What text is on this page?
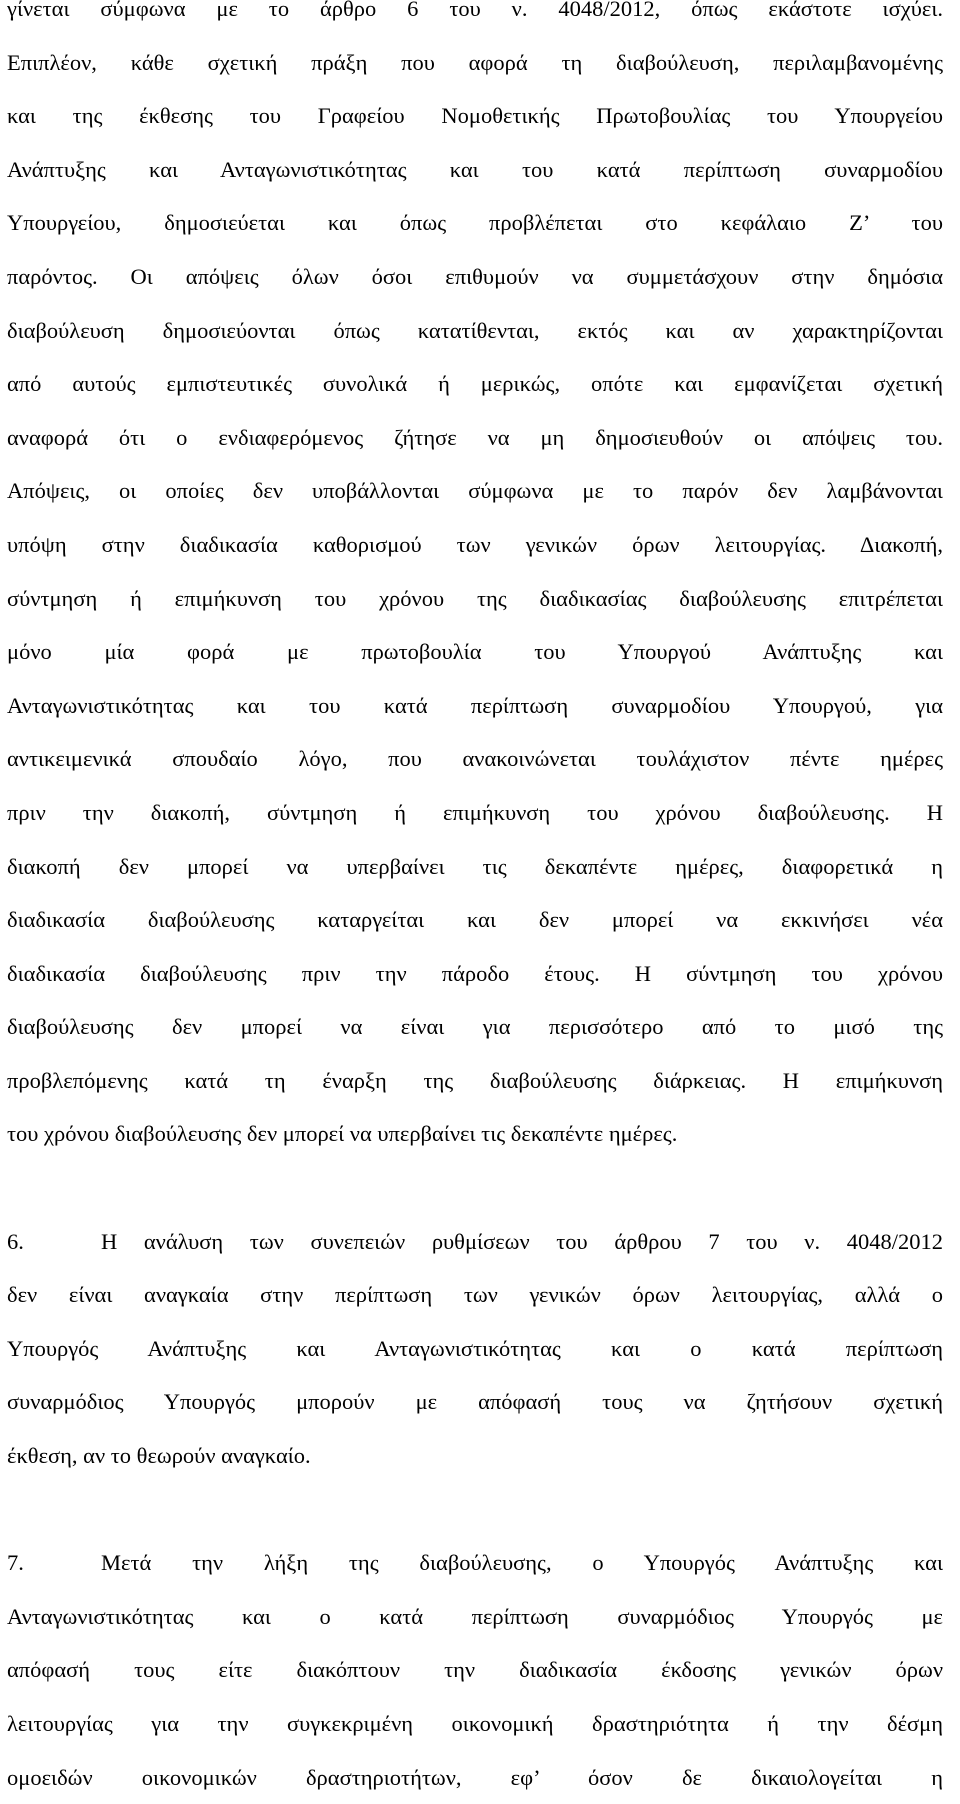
γίνεται σύμφωνα με το άρθρο 6 του ν. 4048/2012, όπως εκάστοτε ισχύει.
Επιπλέον, κάθε σχετική πράξη που αφορά τη διαβούλευση, περιλαμβανομένης
και της έκθεσης του Γραφείου Νομοθετικής Πρωτοβουλίας του Υπουργείου
Ανάπτυξης και Ανταγωνιστικότητας και του κατά περίπτωση συναρμοδίου
Υπουργείου, δημοσιεύεται και όπως προβλέπεται στο κεφάλαιο Ζ’ του
παρόντος. Οι απόψεις όλων όσοι επιθυμούν να συμμετάσχουν στην δημόσια
διαβούλευση δημοσιεύονται όπως κατατίθενται, εκτός και αν χαρακτηρίζονται
από αυτούς εμπιστευτικές συνολικά ή μερικώς, οπότε και εμφανίζεται σχετική
αναφορά ότι ο ενδιαφερόμενος ζήτησε να μη δημοσιευθούν οι απόψεις του.
Απόψεις, οι οποίες δεν υποβάλλονται σύμφωνα με το παρόν δεν λαμβάνονται
υπόψη στην διαδικασία καθορισμού των γενικών όρων λειτουργίας. Διακοπή,
σύντμηση ή επιμήκυνση του χρόνου της διαδικασίας διαβούλευσης επιτρέπεται
μόνο μία φορά με πρωτοβουλία του Υπουργού Ανάπτυξης και
Ανταγωνιστικότητας και του κατά περίπτωση συναρμοδίου Υπουργού, για
αντικειμενικά σπουδαίο λόγο, που ανακοινώνεται τουλάχιστον πέντε ημέρες
πριν την διακοπή, σύντμηση ή επιμήκυνση του χρόνου διαβούλευσης. Η
διακοπή δεν μπορεί να υπερβαίνει τις δεκαπέντε ημέρες, διαφορετικά η
διαδικασία διαβούλευσης καταργείται και δεν μπορεί να εκκινήσει νέα
διαδικασία διαβούλευσης πριν την πάροδο έτους. Η σύντμηση του χρόνου
διαβούλευσης δεν μπορεί να είναι για περισσότερο από το μισό της
προβλεπόμενης κατά τη έναρξη της διαβούλευσης διάρκειας. Η επιμήκυνση
του χρόνου διαβούλευσης δεν μπορεί να υπερβαίνει τις δεκαπέντε ημέρες.
6.	Η ανάλυση των συνεπειών ρυθμίσεων του άρθρου 7 του ν. 4048/2012
δεν είναι αναγκαία στην περίπτωση των γενικών όρων λειτουργίας, αλλά ο
Υπουργός Ανάπτυξης και Ανταγωνιστικότητας και ο κατά περίπτωση
συναρμόδιος Υπουργός μπορούν με απόφασή τους να ζητήσουν σχετική
έκθεση, αν το θεωρούν αναγκαίο.
7.	Μετά την λήξη της διαβούλευσης, ο Υπουργός Ανάπτυξης και
Ανταγωνιστικότητας και ο κατά περίπτωση συναρμόδιος Υπουργός με
απόφασή τους είτε διακόπτουν την διαδικασία έκδοσης γενικών όρων
λειτουργίας για την συγκεκριμένη οικονομική δραστηριότητα ή την δέσμη
ομοειδών οικονομικών δραστηριοτήτων, εφ’ όσον δε δικαιολογείται η
